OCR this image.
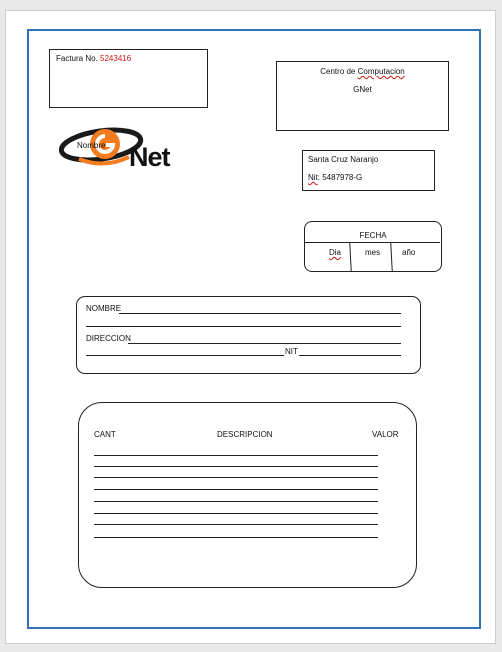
Factura No. 5243416
Centro de Computacion
GNet
Nombre Net	Santa Cruz Naranjo
Nit: 5487978-G
FECHA
Dia	mes	año
NOMBRE
DIRECCION
NIT
CANT	DESCRIPCION	VALOR
